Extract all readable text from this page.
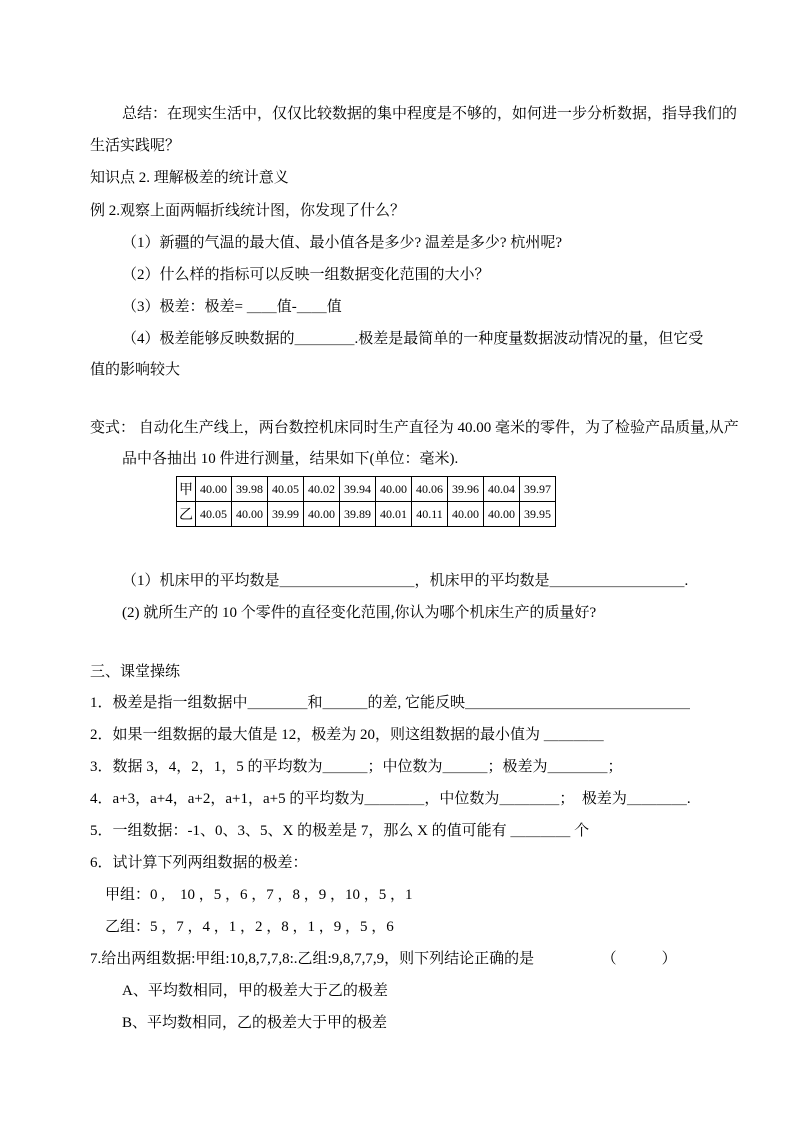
总结：在现实生活中，仅仅比较数据的集中程度是不够的，如何进一步分析数据，指导我们的
生活实践呢？
知识点 2. 理解极差的统计意义
例 2.观察上面两幅折线统计图，你发现了什么？
（1）新疆的气温的最大值、最小值各是多少? 温差是多少? 杭州呢?
（2）什么样的指标可以反映一组数据变化范围的大小？
（3）极差：极差= ＿＿值-＿＿值
（4）极差能够反映数据的＿＿＿＿.极差是最简单的一种度量数据波动情况的量，但它受
值的影响较大
变式： 自动化生产线上，两台数控机床同时生产直径为 40.00 毫米的零件，为了检验产品质量,从产
品中各抽出 10 件进行测量，结果如下(单位：毫米).
甲	40.00	39.98	40.05	40.02	39.94	40.00	40.06	39.96	40.04	39.97
乙	40.05	40.00	39.99	40.00	39.89	40.01	40.11	40.00	40.00	39.95
（1）机床甲的平均数是＿＿＿＿＿＿＿＿＿，机床甲的平均数是＿＿＿＿＿＿＿＿＿.
(2) 就所生产的 10 个零件的直径变化范围,你认为哪个机床生产的质量好?
三、课堂操练
1．极差是指一组数据中＿＿＿＿和＿＿＿的差, 它能反映＿＿＿＿＿＿＿＿＿＿＿＿＿＿＿
2．如果一组数据的最大值是 12，极差为 20，则这组数据的最小值为 ＿＿＿＿
3．数据 3，4，2，1，5 的平均数为＿＿＿；中位数为＿＿＿；极差为＿＿＿＿；
4．a+3，a+4，a+2，a+1，a+5 的平均数为＿＿＿＿，中位数为＿＿＿＿；　极差为＿＿＿＿.
5．一组数据：-1、0、3、5、X 的极差是 7，那么 X 的值可能有 ＿＿＿＿ 个
6．试计算下列两组数据的极差：
甲组：0 ,　10 ，5 ，6 ，7 ，8 ，9 ，10 ，5 ，1
乙组：5 ，7 ，4 ，1 ，2 ，8 ，1 ，9 ，5 ，6
7.给出两组数据:甲组:10,8,7,7,8:.乙组:9,8,7,7,9，则下列结论正确的是　　　　　（　　　）
A、平均数相同，甲的极差大于乙的极差
B、平均数相同，乙的极差大于甲的极差
